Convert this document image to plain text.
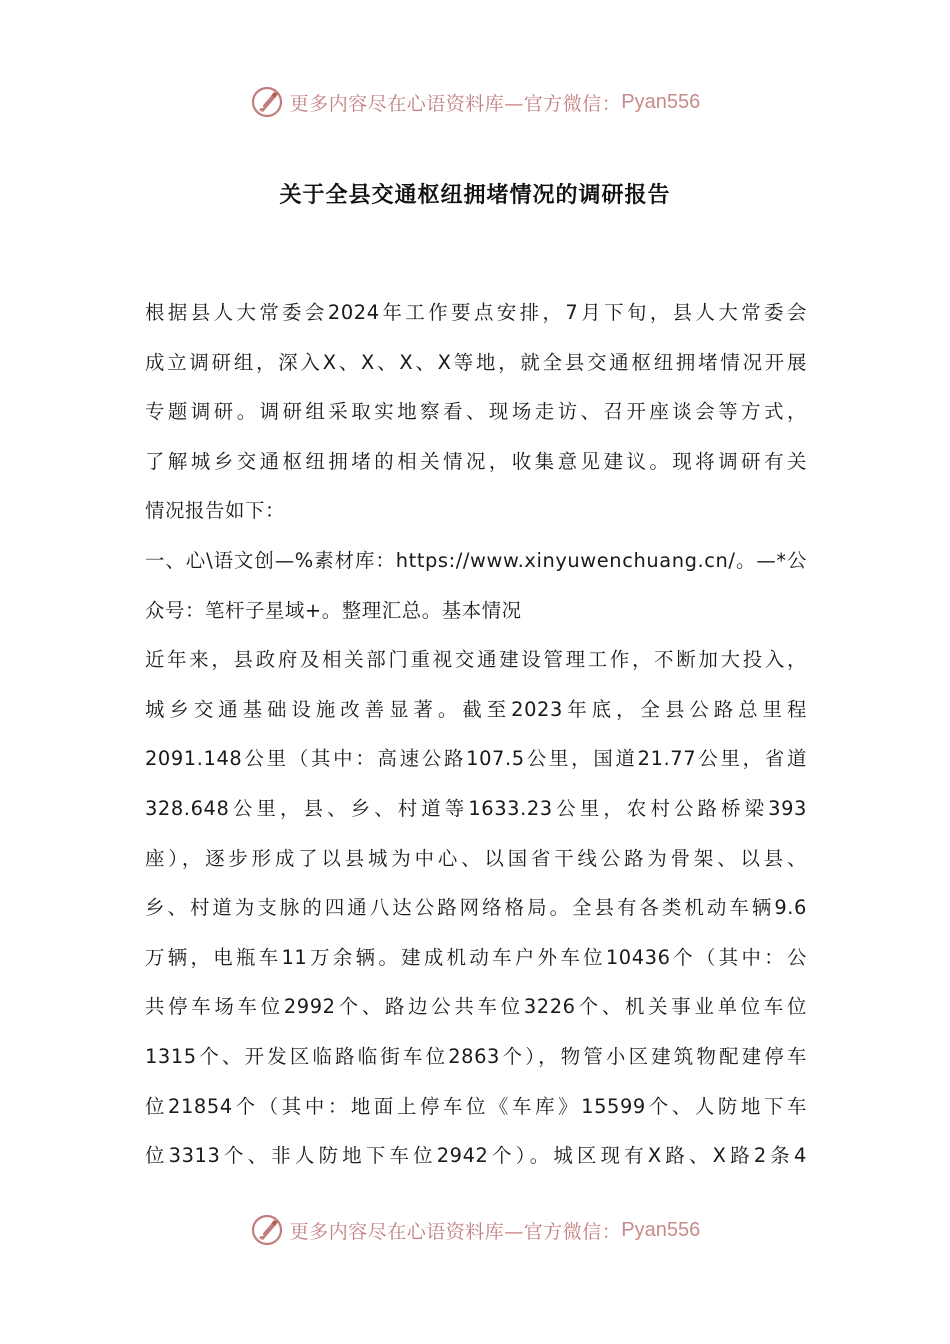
更多内容尽在心语资料库—官方微信： Pyan556
关于全县交通枢纽拥堵情况的调研报告
根据县人大常委会2024年工作要点安排，7月下旬，县人大常委会
成立调研组，深入X、X、X、X等地，就全县交通枢纽拥堵情况开展
专题调研。调研组采取实地察看、现场走访、召开座谈会等方式，
了解城乡交通枢纽拥堵的相关情况，收集意见建议。现将调研有关
情况报告如下：
一、心\语文创—%素材库：https://www.xinyuwenchuang.cn/。—*公
众号：笔杆子星域+。整理汇总。基本情况
近年来，县政府及相关部门重视交通建设管理工作，不断加大投入，
城乡交通基础设施改善显著。截至2023年底，全县公路总里程
2091.148公里（其中：高速公路107.5公里，国道21.77公里，省道
328.648公里，县、乡、村道等1633.23公里，农村公路桥梁393
座），逐步形成了以县城为中心、以国省干线公路为骨架、以县、
乡、村道为支脉的四通八达公路网络格局。全县有各类机动车辆9.6
万辆，电瓶车11万余辆。建成机动车户外车位10436个（其中：公
共停车场车位2992个、路边公共车位3226个、机关事业单位车位
1315个、开发区临路临街车位2863个），物管小区建筑物配建停车
位21854个（其中：地面上停车位《车库》15599个、人防地下车
位3313个、非人防地下车位2942个）。城区现有X路、X路2条4
更多内容尽在心语资料库—官方微信： Pyan556
